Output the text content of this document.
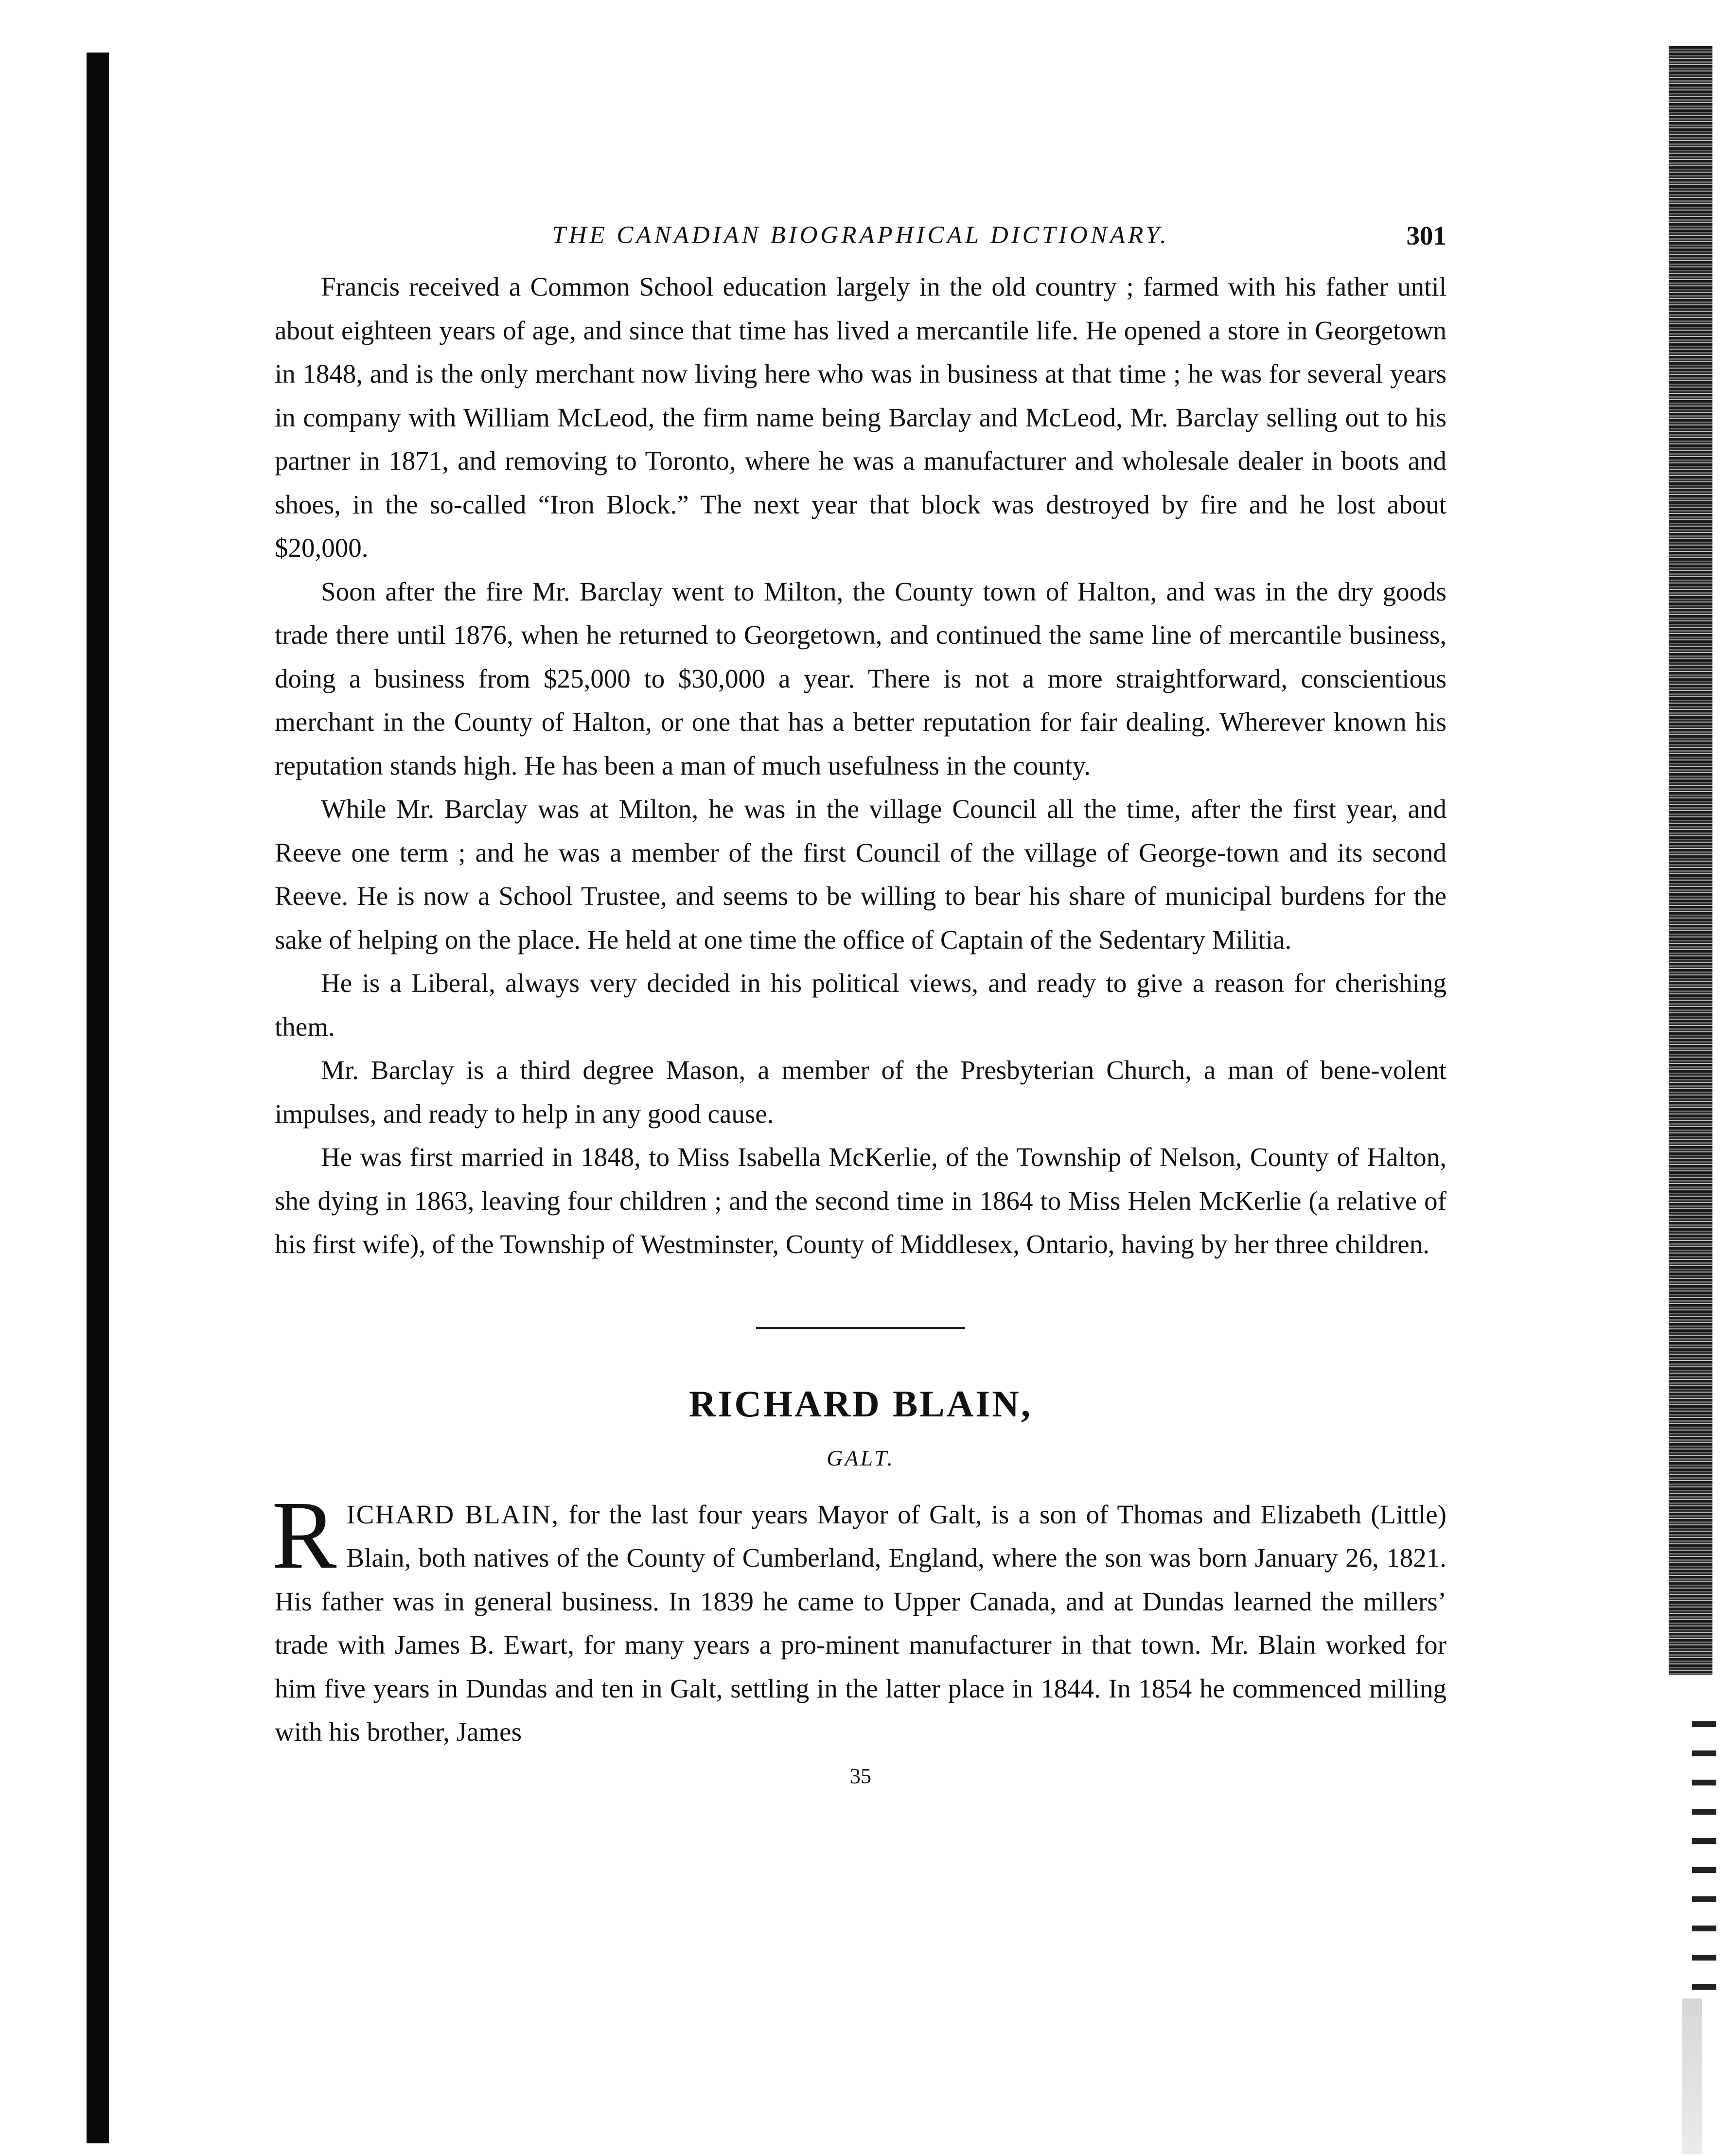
THE CANADIAN BIOGRAPHICAL DICTIONARY.	301

Francis received a Common School education largely in the old country ; farmed with his father until about eighteen years of age, and since that time has lived a mercantile life. He opened a store in Georgetown in 1848, and is the only merchant now living here who was in business at that time ; he was for several years in company with William McLeod, the firm name being Barclay and McLeod, Mr. Barclay selling out to his partner in 1871, and removing to Toronto, where he was a manufacturer and wholesale dealer in boots and shoes, in the so-called “Iron Block.” The next year that block was destroyed by fire and he lost about $20,000.

Soon after the fire Mr. Barclay went to Milton, the County town of Halton, and was in the dry goods trade there until 1876, when he returned to Georgetown, and continued the same line of mercantile business, doing a business from $25,000 to $30,000 a year. There is not a more straightforward, conscientious merchant in the County of Halton, or one that has a better reputation for fair dealing. Wherever known his reputation stands high. He has been a man of much usefulness in the county.

While Mr. Barclay was at Milton, he was in the village Council all the time, after the first year, and Reeve one term ; and he was a member of the first Council of the village of George-town and its second Reeve. He is now a School Trustee, and seems to be willing to bear his share of municipal burdens for the sake of helping on the place. He held at one time the office of Captain of the Sedentary Militia.

He is a Liberal, always very decided in his political views, and ready to give a reason for cherishing them.

Mr. Barclay is a third degree Mason, a member of the Presbyterian Church, a man of bene-volent impulses, and ready to help in any good cause.

He was first married in 1848, to Miss Isabella McKerlie, of the Township of Nelson, County of Halton, she dying in 1863, leaving four children ; and the second time in 1864 to Miss Helen McKerlie (a relative of his first wife), of the Township of Westminster, County of Middlesex, Ontario, having by her three children.

RICHARD BLAIN,
GALT.

RICHARD BLAIN, for the last four years Mayor of Galt, is a son of Thomas and Elizabeth (Little) Blain, both natives of the County of Cumberland, England, where the son was born January 26, 1821. His father was in general business. In 1839 he came to Upper Canada, and at Dundas learned the millers’ trade with James B. Ewart, for many years a pro-minent manufacturer in that town. Mr. Blain worked for him five years in Dundas and ten in Galt, settling in the latter place in 1844. In 1854 he commenced milling with his brother, James

35
